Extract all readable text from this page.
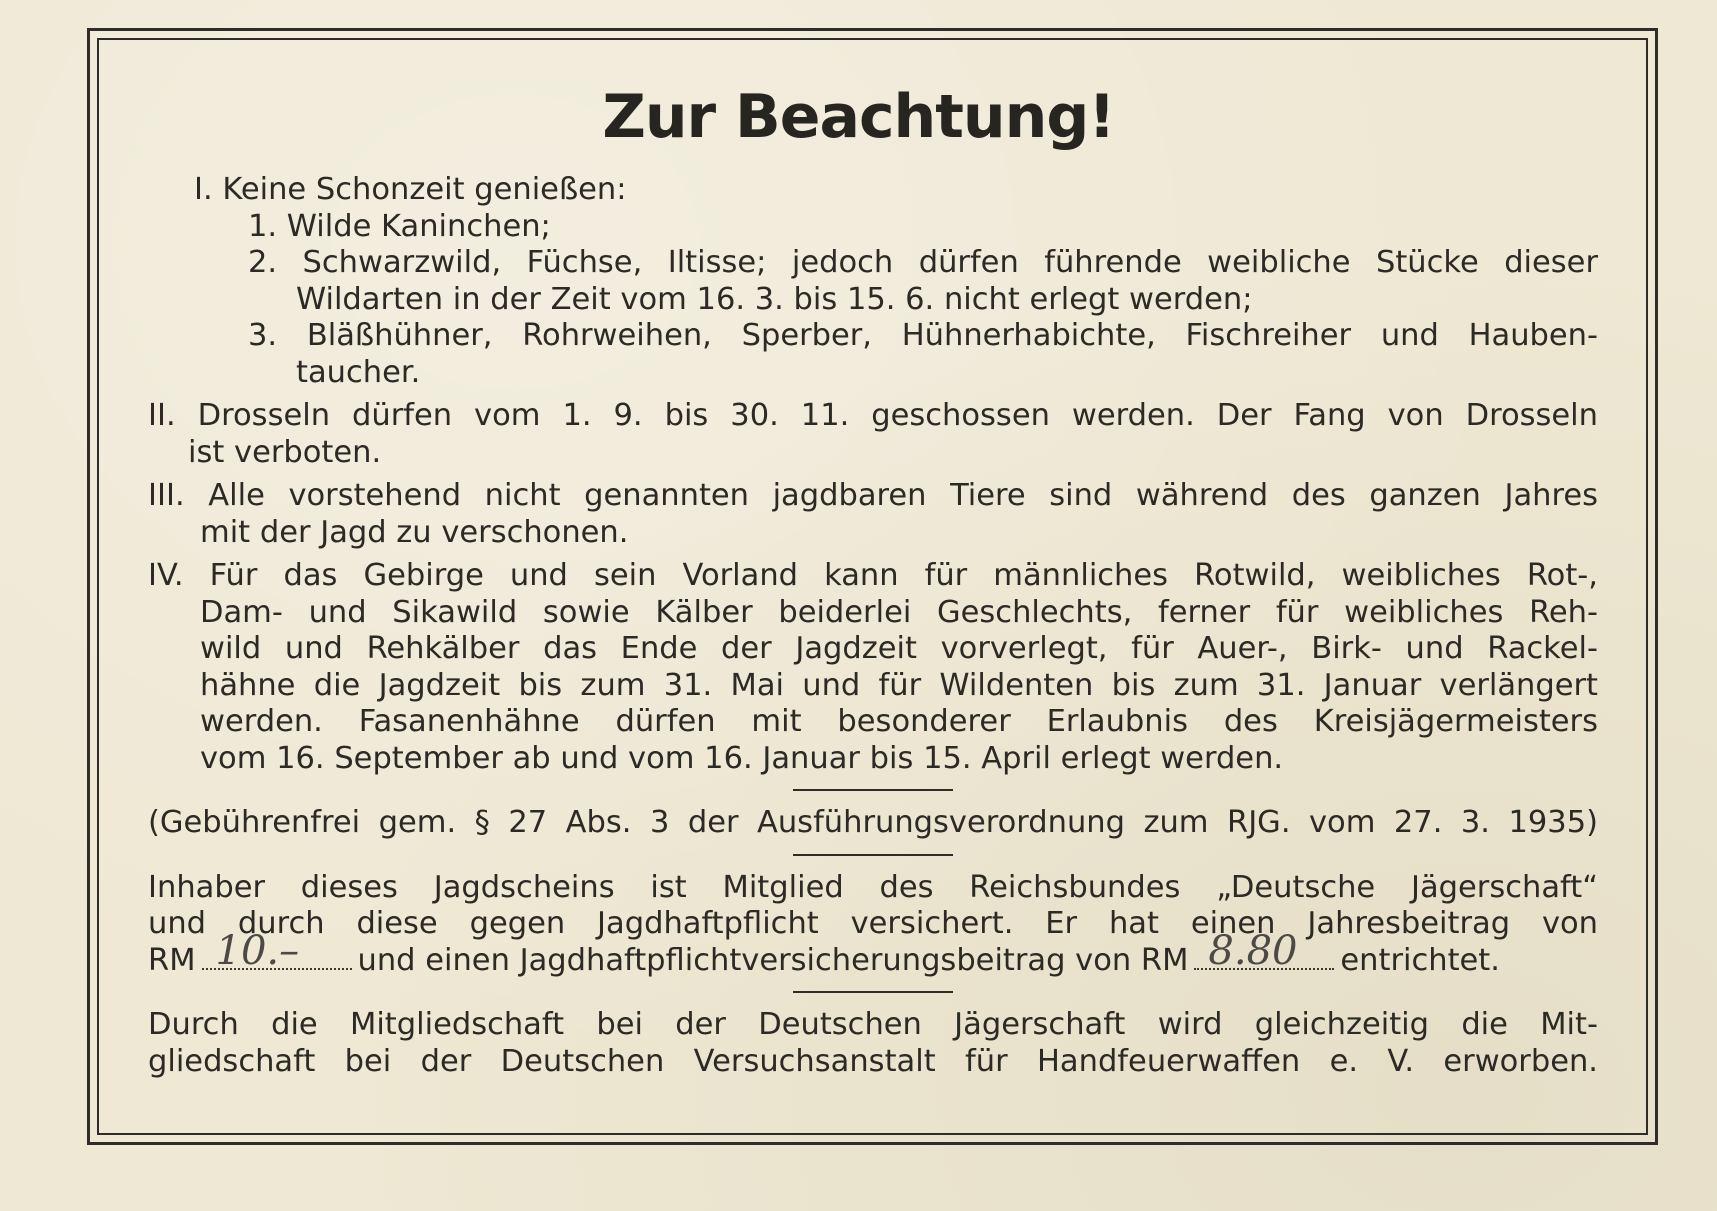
Zur Beachtung!
I. Keine Schonzeit genießen:
1. Wilde Kaninchen;
2. Schwarzwild, Füchse, Iltisse; jedoch dürfen führende weibliche Stücke dieser
Wildarten in der Zeit vom 16. 3. bis 15. 6. nicht erlegt werden;
3. Bläßhühner, Rohrweihen, Sperber, Hühnerhabichte, Fischreiher und Hauben-
taucher.
II. Drosseln dürfen vom 1. 9. bis 30. 11. geschossen werden. Der Fang von Drosseln
ist verboten.
III. Alle vorstehend nicht genannten jagdbaren Tiere sind während des ganzen Jahres
mit der Jagd zu verschonen.
IV. Für das Gebirge und sein Vorland kann für männliches Rotwild, weibliches Rot-,
Dam- und Sikawild sowie Kälber beiderlei Geschlechts, ferner für weibliches Reh-
wild und Rehkälber das Ende der Jagdzeit vorverlegt, für Auer-, Birk- und Rackel-
hähne die Jagdzeit bis zum 31. Mai und für Wildenten bis zum 31. Januar verlängert
werden. Fasanenhähne dürfen mit besonderer Erlaubnis des Kreisjägermeisters
vom 16. September ab und vom 16. Januar bis 15. April erlegt werden.
(Gebührenfrei gem. § 27 Abs. 3 der Ausführungsverordnung zum RJG. vom 27. 3. 1935)
Inhaber dieses Jagdscheins ist Mitglied des Reichsbundes „Deutsche Jägerschaft“
und durch diese gegen Jagdhaftpflicht versichert. Er hat einen Jahresbeitrag von
RM 10.– und einen Jagdhaftpflichtversicherungsbeitrag von RM 8.80 entrichtet.
Durch die Mitgliedschaft bei der Deutschen Jägerschaft wird gleichzeitig die Mit-
gliedschaft bei der Deutschen Versuchsanstalt für Handfeuerwaffen e. V. erworben.
